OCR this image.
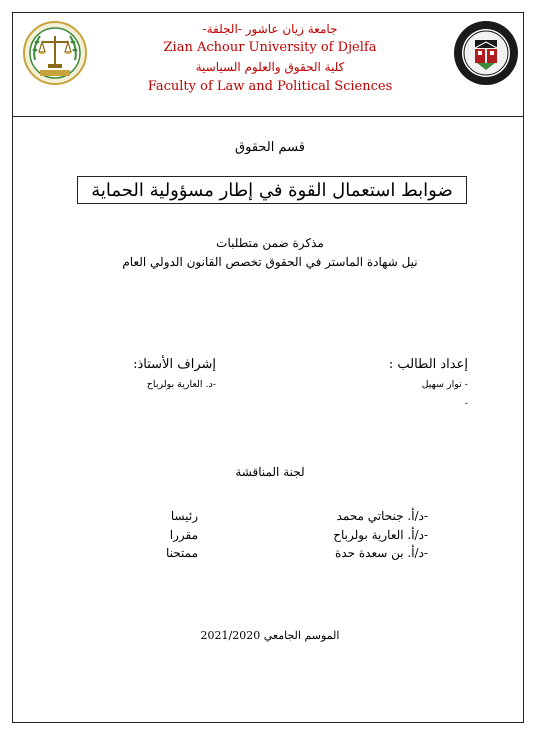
جامعة زيان عاشور -الجلفة-
Zian Achour University of Djelfa
كلية الحقوق والعلوم السياسية
Faculty of Law and Political Sciences
قسم الحقوق
ضوابط استعمال القوة في إطار مسؤولية الحماية
مذكرة ضمن متطلبات
نيل شهادة الماستر في الحقوق تخصص القانون الدولي العام
إعداد الطالب :
- نوار سهيل
-
إشراف الأستاذ:
-د. العارية بولرباح
لجنة المناقشة
-د/أ. جنحاتي محمد
رئيسا
-د/أ. العارية بولرباح
مقررا
-د/أ. بن سعدة حدة
ممتحنا
الموسم الجامعي 2021/2020
